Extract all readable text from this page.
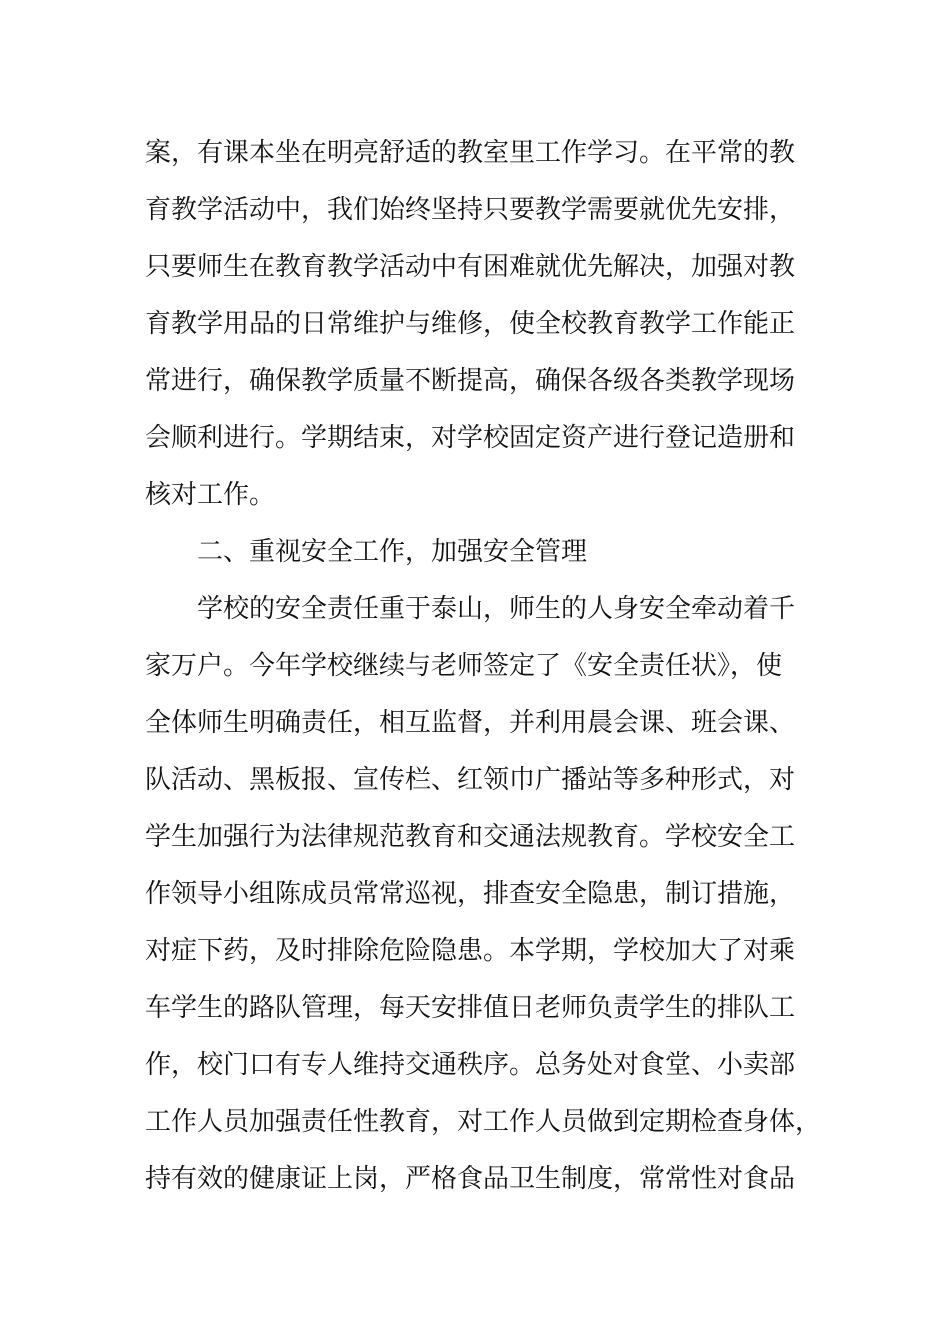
案，有课本坐在明亮舒适的教室里工作学习。在平常的教
育教学活动中，我们始终坚持只要教学需要就优先安排，
只要师生在教育教学活动中有困难就优先解决，加强对教
育教学用品的日常维护与维修，使全校教育教学工作能正
常进行，确保教学质量不断提高，确保各级各类教学现场
会顺利进行。学期结束，对学校固定资产进行登记造册和
核对工作。
二、重视安全工作，加强安全管理
学校的安全责任重于泰山，师生的人身安全牵动着千
家万户。今年学校继续与老师签定了《安全责任状》，使
全体师生明确责任，相互监督，并利用晨会课、班会课、
队活动、黑板报、宣传栏、红领巾广播站等多种形式，对
学生加强行为法律规范教育和交通法规教育。学校安全工
作领导小组陈成员常常巡视，排查安全隐患，制订措施，
对症下药，及时排除危险隐患。本学期，学校加大了对乘
车学生的路队管理，每天安排值日老师负责学生的排队工
作，校门口有专人维持交通秩序。总务处对食堂、小卖部
工作人员加强责任性教育，对工作人员做到定期检查身体，
持有效的健康证上岗，严格食品卫生制度，常常性对食品
